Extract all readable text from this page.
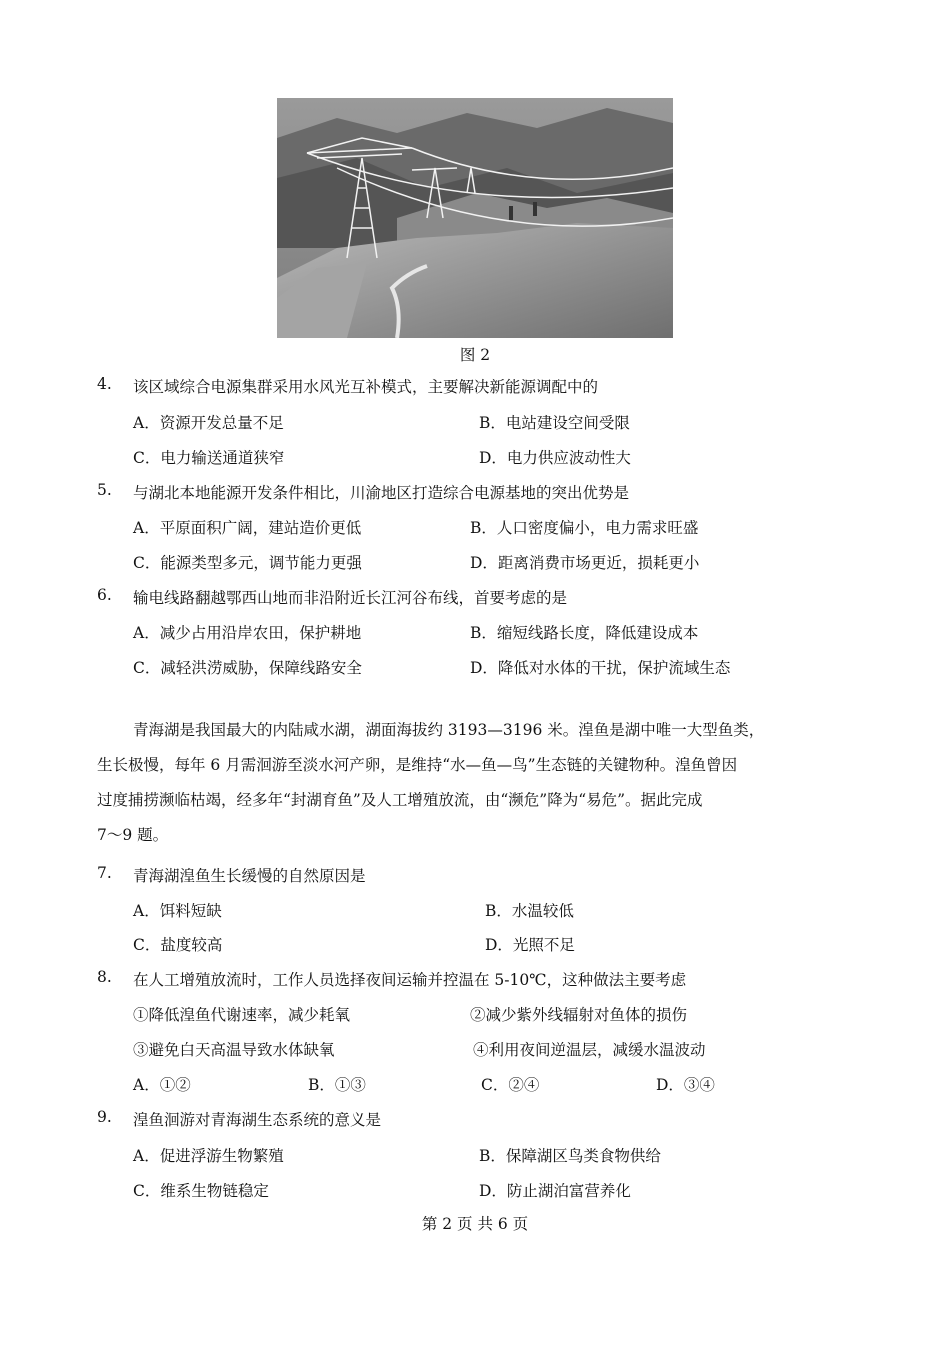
图 2
4. 该区域综合电源集群采用水风光互补模式，主要解决新能源调配中的
A．资源开发总量不足	B．电站建设空间受限
C．电力输送通道狭窄	D．电力供应波动性大
5. 与湖北本地能源开发条件相比，川渝地区打造综合电源基地的突出优势是
A．平原面积广阔，建站造价更低	B．人口密度偏小，电力需求旺盛
C．能源类型多元，调节能力更强	D．距离消费市场更近，损耗更小
6. 输电线路翻越鄂西山地而非沿附近长江河谷布线，首要考虑的是
A．减少占用沿岸农田，保护耕地	B．缩短线路长度，降低建设成本
C．减轻洪涝威胁，保障线路安全	D．降低对水体的干扰，保护流域生态
青海湖是我国最大的内陆咸水湖，湖面海拔约 3193—3196 米。湟鱼是湖中唯一大型鱼类，
生长极慢，每年 6 月需洄游至淡水河产卵，是维持“水—鱼—鸟”生态链的关键物种。湟鱼曾因
过度捕捞濒临枯竭，经多年“封湖育鱼”及人工增殖放流，由“濒危”降为“易危”。据此完成
7～9 题。
7. 青海湖湟鱼生长缓慢的自然原因是
A．饵料短缺	B．水温较低
C．盐度较高	D．光照不足
8. 在人工增殖放流时，工作人员选择夜间运输并控温在 5-10℃，这种做法主要考虑
①降低湟鱼代谢速率，减少耗氧	②减少紫外线辐射对鱼体的损伤
③避免白天高温导致水体缺氧	④利用夜间逆温层，减缓水温波动
A．①②	B．①③	C．②④	D．③④
9. 湟鱼洄游对青海湖生态系统的意义是
A．促进浮游生物繁殖	B．保障湖区鸟类食物供给
C．维系生物链稳定	D．防止湖泊富营养化
第 2 页 共 6 页
